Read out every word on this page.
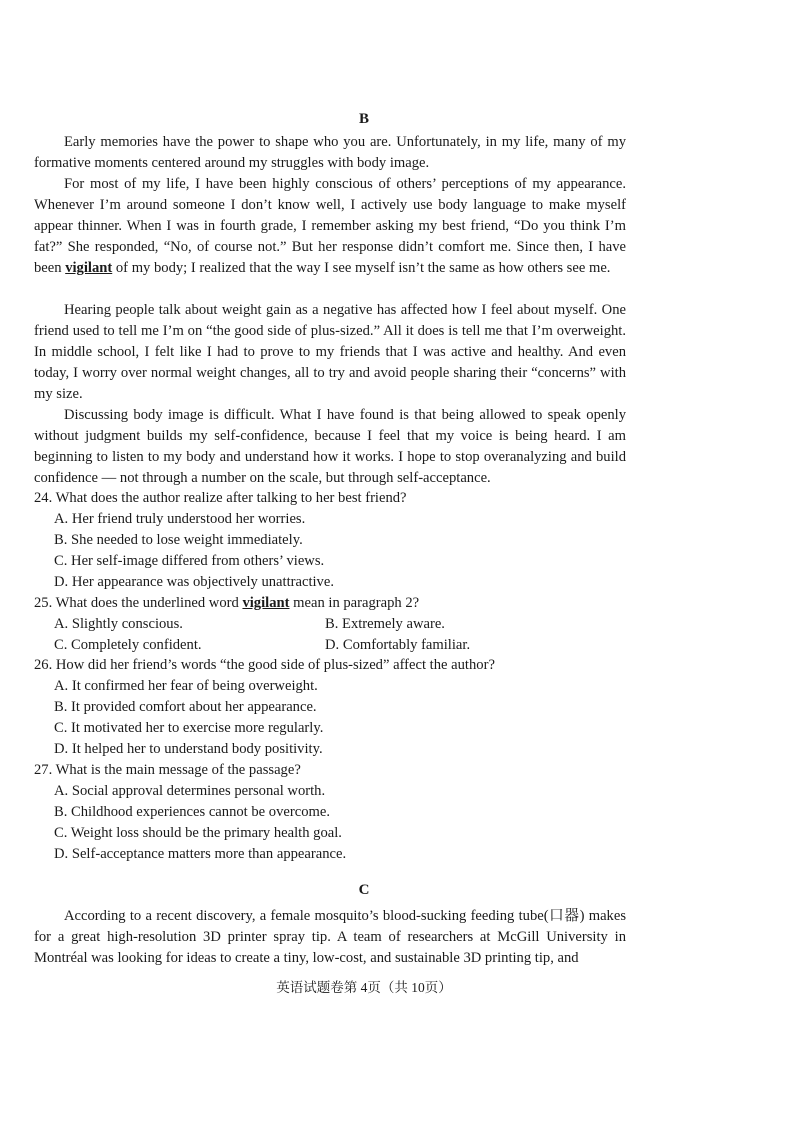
B

Early memories have the power to shape who you are. Unfortunately, in my life, many of my formative moments centered around my struggles with body image.

For most of my life, I have been highly conscious of others’ perceptions of my appearance. Whenever I’m around someone I don’t know well, I actively use body language to make myself appear thinner. When I was in fourth grade, I remember asking my best friend, “Do you think I’m fat?” She responded, “No, of course not.” But her response didn’t comfort me. Since then, I have been vigilant of my body; I realized that the way I see myself isn’t the same as how others see me.

Hearing people talk about weight gain as a negative has affected how I feel about myself. One friend used to tell me I’m on “the good side of plus-sized.” All it does is tell me that I’m overweight. In middle school, I felt like I had to prove to my friends that I was active and healthy. And even today, I worry over normal weight changes, all to try and avoid people sharing their “concerns” with my size.

Discussing body image is difficult. What I have found is that being allowed to speak openly without judgment builds my self-confidence, because I feel that my voice is being heard. I am beginning to listen to my body and understand how it works. I hope to stop overanalyzing and build confidence — not through a number on the scale, but through self-acceptance.

24. What does the author realize after talking to her best friend?

A. Her friend truly understood her worries.

B. She needed to lose weight immediately.

C. Her self-image differed from others’ views.

D. Her appearance was objectively unattractive.

25. What does the underlined word vigilant mean in paragraph 2?

A. Slightly conscious.	B. Extremely aware.

C. Completely confident.	D. Comfortably familiar.

26. How did her friend’s words “the good side of plus-sized” affect the author?

A. It confirmed her fear of being overweight.

B. It provided comfort about her appearance.

C. It motivated her to exercise more regularly.

D. It helped her to understand body positivity.

27. What is the main message of the passage?

A. Social approval determines personal worth.

B. Childhood experiences cannot be overcome.

C. Weight loss should be the primary health goal.

D. Self-acceptance matters more than appearance.

C

According to a recent discovery, a female mosquito’s blood-sucking feeding tube(口器) makes for a great high-resolution 3D printer spray tip. A team of researchers at McGill University in Montréal was looking for ideas to create a tiny, low-cost, and sustainable 3D printing tip, and

英语试题卷第 4页（共 10页）
